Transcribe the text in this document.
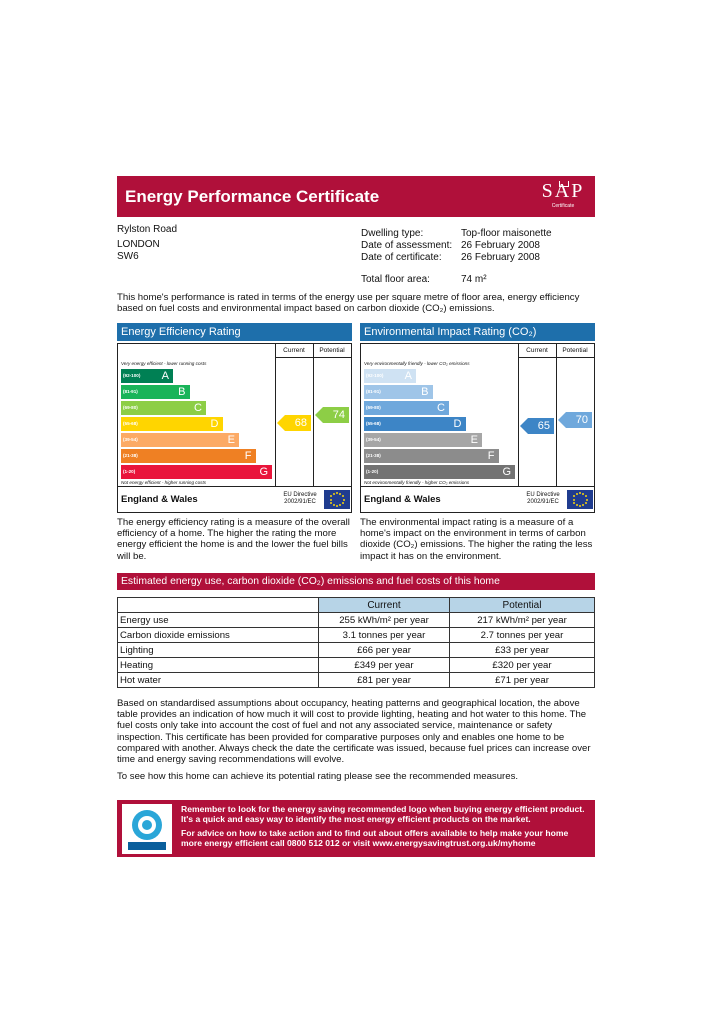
Energy Performance Certificate	SAP
Certificate
Rylston Road
LONDON
SW6
Dwelling type:	Top-floor maisonette
Date of assessment: 26 February 2008
Date of certificate: 26 February 2008
Total floor area:	74 m²
This home's performance is rated in terms of the energy use per square metre of floor area, energy efficiency based on fuel costs and environmental impact based on carbon dioxide (CO₂) emissions.
Energy Efficiency Rating
Current	Potential
Very energy efficient - lower running costs
Not energy efficient - higher running costs
(92-100) A
(81-91)	B
(69-80)	C
(55-68)	D
(39-54)	E
(21-38)	F
(1-20)	G
68
74
England & Wales	EU Directive
2002/91/EC
Environmental Impact Rating (CO₂)
Current	Potential
Very environmentally friendly - lower CO₂ emissions
Not environmentally friendly - higher CO₂ emissions
(92-100) A
(81-91)	B
(69-80)	C
(55-68)	D
(39-54)	E
(21-38)	F
(1-20)	G
65
70
England & Wales	EU Directive
2002/91/EC
The energy efficiency rating is a measure of the overall efficiency of a home. The higher the rating the more energy efficient the home is and the lower the fuel bills will be.
The environmental impact rating is a measure of a home's impact on the environment in terms of carbon dioxide (CO₂) emissions. The higher the rating the less impact it has on the environment.
Estimated energy use, carbon dioxide (CO₂) emissions and fuel costs of this home
	Current	Potential
Energy use	255 kWh/m² per year	217 kWh/m² per year
Carbon dioxide emissions	3.1 tonnes per year	2.7 tonnes per year
Lighting	£66 per year	£33 per year
Heating	£349 per year	£320 per year
Hot water	£81 per year	£71 per year
Based on standardised assumptions about occupancy, heating patterns and geographical location, the above table provides an indication of how much it will cost to provide lighting, heating and hot water to this home. The fuel costs only take into account the cost of fuel and not any associated service, maintenance or safety inspection. This certificate has been provided for comparative purposes only and enables one home to be compared with another. Always check the date the certificate was issued, because fuel prices can increase over time and energy saving recommendations will evolve.
To see how this home can achieve its potential rating please see the recommended measures.
Remember to look for the energy saving recommended logo when buying energy efficient product. It's a quick and easy way to identify the most energy efficient products on the market.
For advice on how to take action and to find out about offers available to help make your home more energy efficient call 0800 512 012 or visit www.energysavingtrust.org.uk/myhome
